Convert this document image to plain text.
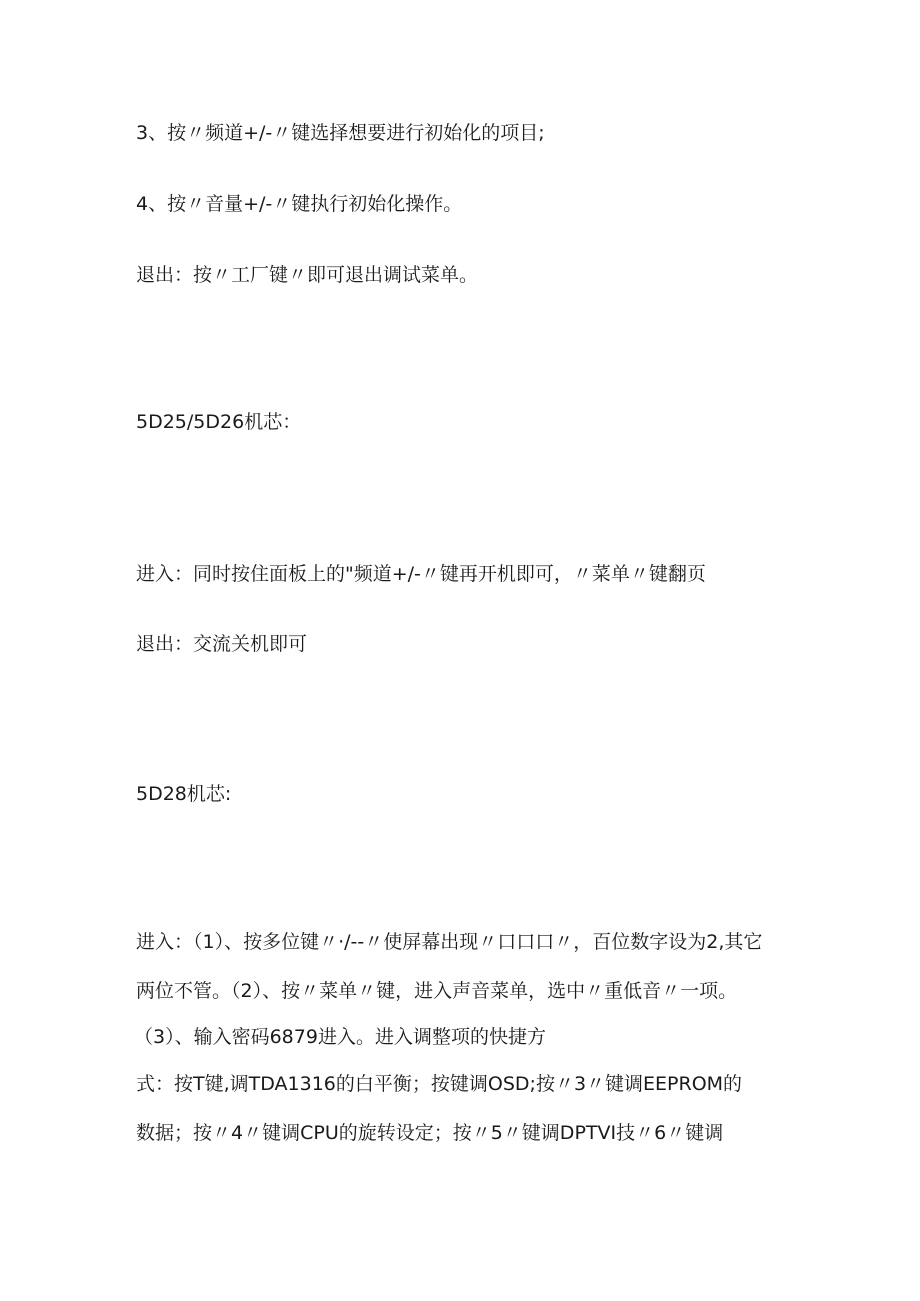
3、按〃频道+/-〃键选择想要进行初始化的项目;
4、按〃音量+/-〃键执行初始化操作。
退出：按〃工厂键〃即可退出调试菜单。
5D25/5D26机芯：
进入：同时按住面板上的"频道+/-〃键再开机即可，〃菜单〃键翻页
退出：交流关机即可
5D28机芯:
进入：（1）、按多位键〃·/--〃使屏幕出现〃口口口〃，百位数字设为2,其它
两位不管。（2）、按〃菜单〃键，进入声音菜单，选中〃重低音〃一项。
（3）、输入密码6879进入。进入调整项的快捷方
式：按T键,调TDA1316的白平衡；按键调OSD;按〃3〃键调EEPROM的
数据；按〃4〃键调CPU的旋转设定；按〃5〃键调DPTVI技〃6〃键调
